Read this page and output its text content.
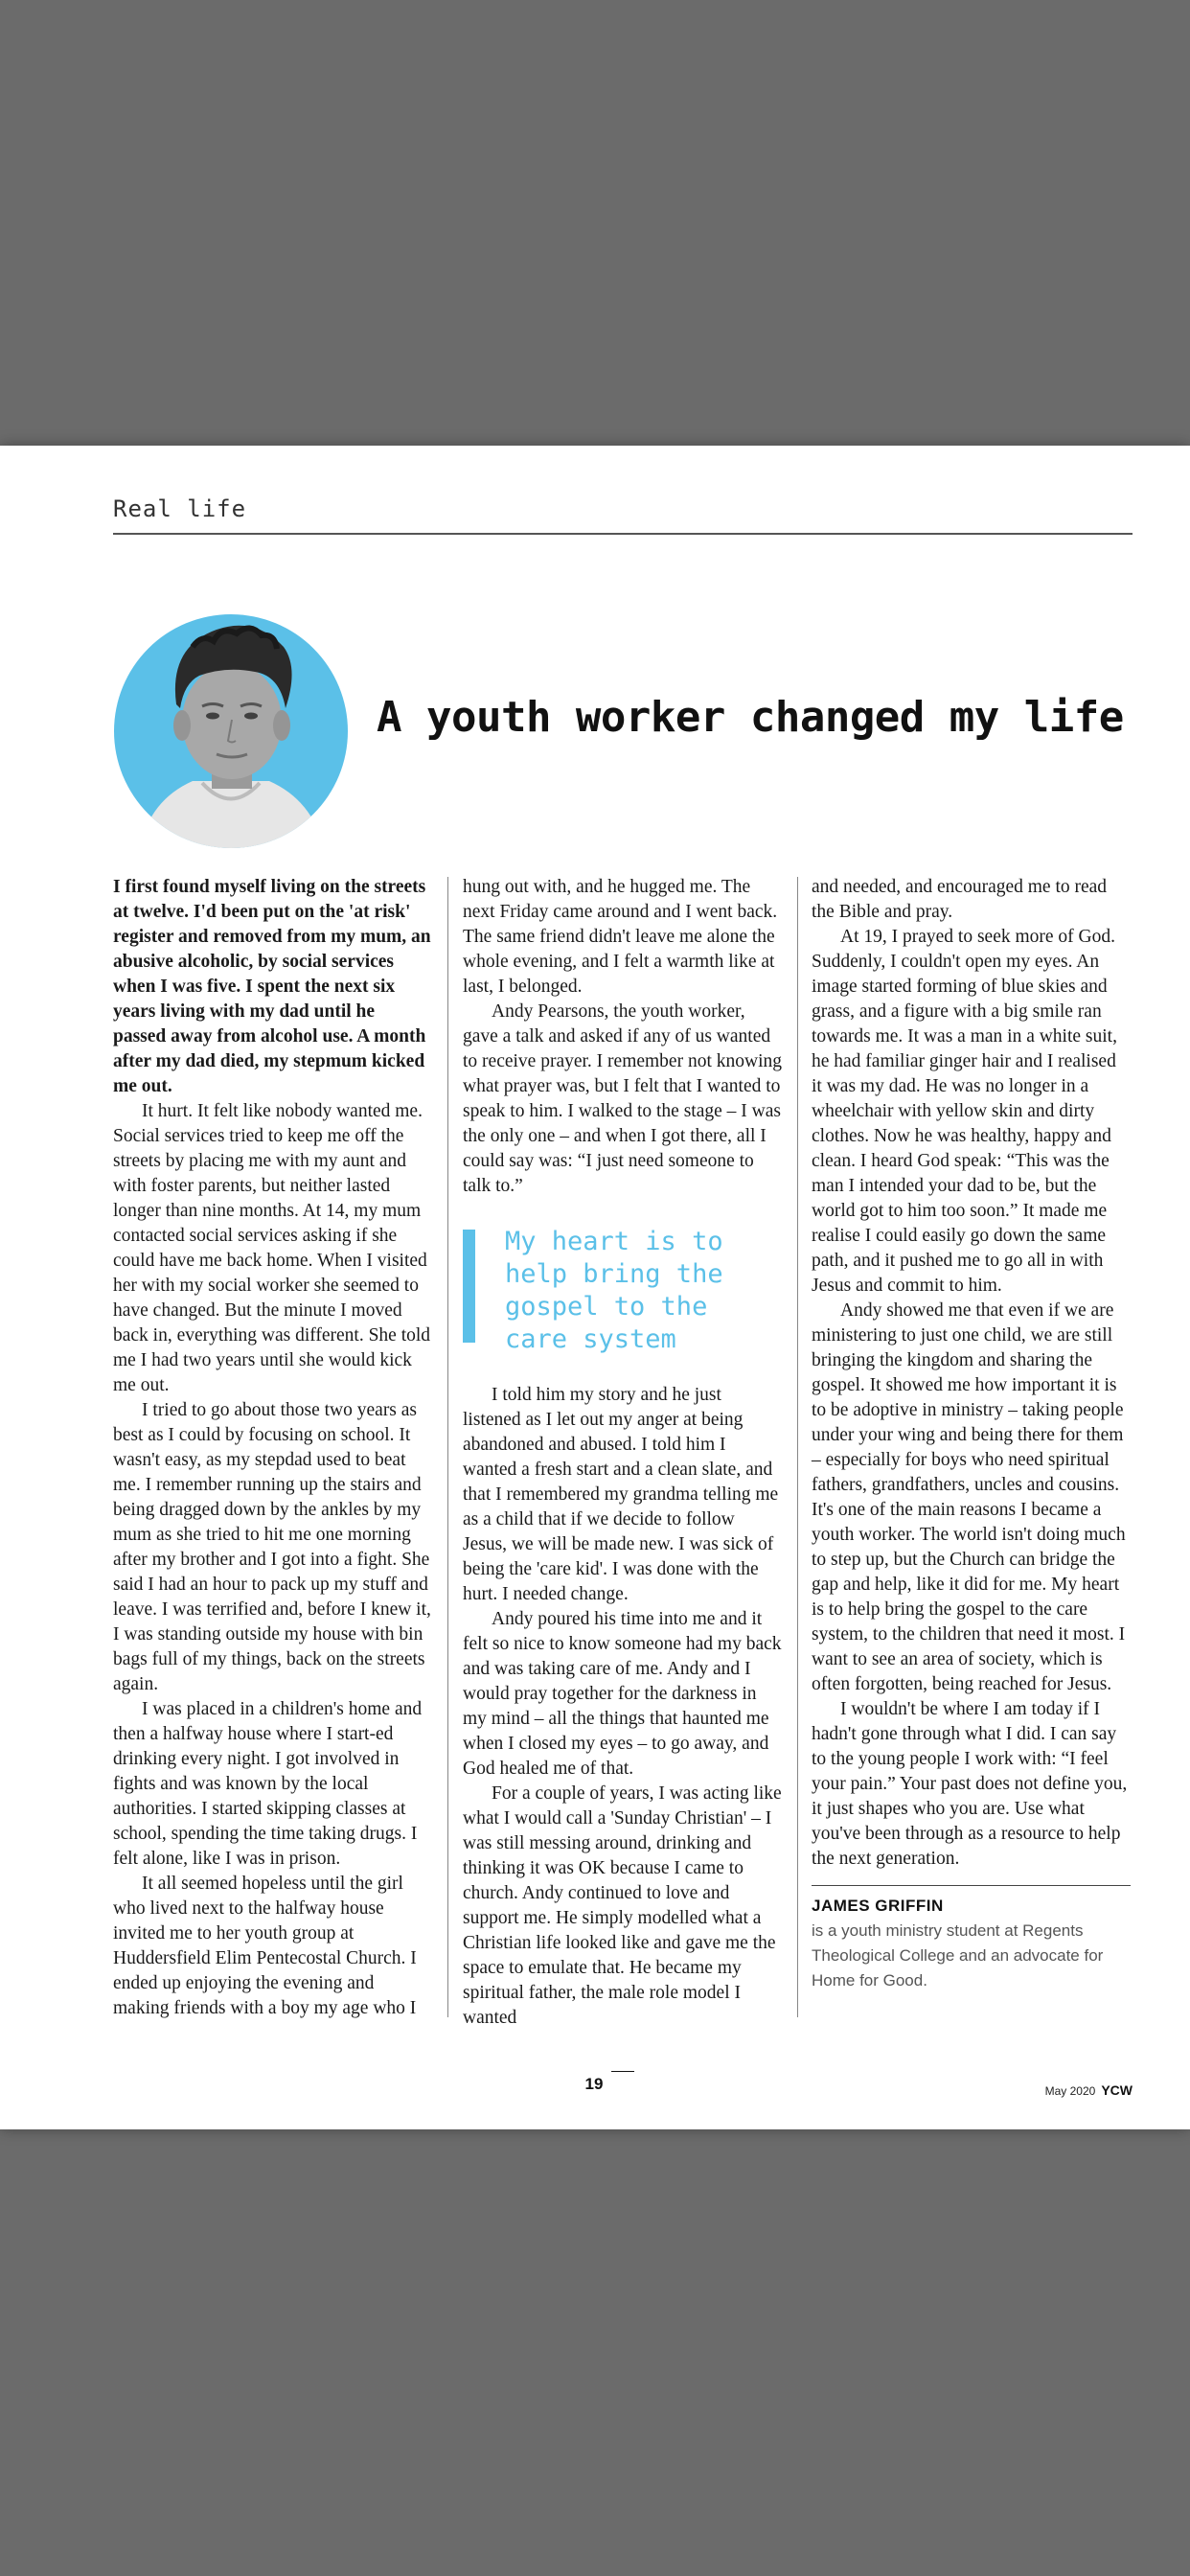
Real life
A youth worker changed my life

I first found myself living on the streets at twelve. I'd been put on the 'at risk' register and removed from my mum, an abusive alcoholic, by social services when I was five. I spent the next six years living with my dad until he passed away from alcohol use. A month after my dad died, my stepmum kicked me out.

It hurt. It felt like nobody wanted me. Social services tried to keep me off the streets by placing me with my aunt and with foster parents, but neither lasted longer than nine months. At 14, my mum contacted social services asking if she could have me back home. When I visited her with my social worker she seemed to have changed. But the minute I moved back in, everything was different. She told me I had two years until she would kick me out.

I tried to go about those two years as best as I could by focusing on school. It wasn't easy, as my stepdad used to beat me. I remember running up the stairs and being dragged down by the ankles by my mum as she tried to hit me one morning after my brother and I got into a fight. She said I had an hour to pack up my stuff and leave. I was terrified and, before I knew it, I was standing outside my house with bin bags full of my things, back on the streets again.

I was placed in a children's home and then a halfway house where I start-ed drinking every night. I got involved in fights and was known by the local authorities. I started skipping classes at school, spending the time taking drugs. I felt alone, like I was in prison.

It all seemed hopeless until the girl who lived next to the halfway house invited me to her youth group at Huddersfield Elim Pentecostal Church. I ended up enjoying the evening and making friends with a boy my age who I

hung out with, and he hugged me. The next Friday came around and I went back. The same friend didn't leave me alone the whole evening, and I felt a warmth like at last, I belonged.

Andy Pearsons, the youth worker, gave a talk and asked if any of us wanted to receive prayer. I remember not knowing what prayer was, but I felt that I wanted to speak to him. I walked to the stage – I was the only one – and when I got there, all I could say was: “I just need someone to talk to.”

My heart is to help bring the gospel to the care system

I told him my story and he just listened as I let out my anger at being abandoned and abused. I told him I wanted a fresh start and a clean slate, and that I remembered my grandma telling me as a child that if we decide to follow Jesus, we will be made new. I was sick of being the 'care kid'. I was done with the hurt. I needed change.

Andy poured his time into me and it felt so nice to know someone had my back and was taking care of me. Andy and I would pray together for the darkness in my mind – all the things that haunted me when I closed my eyes – to go away, and God healed me of that.

For a couple of years, I was acting like what I would call a 'Sunday Christian' – I was still messing around, drinking and thinking it was OK because I came to church. Andy continued to love and support me. He simply modelled what a Christian life looked like and gave me the space to emulate that. He became my spiritual father, the male role model I wanted

and needed, and encouraged me to read the Bible and pray.

At 19, I prayed to seek more of God. Suddenly, I couldn't open my eyes. An image started forming of blue skies and grass, and a figure with a big smile ran towards me. It was a man in a white suit, he had familiar ginger hair and I realised it was my dad. He was no longer in a wheelchair with yellow skin and dirty clothes. Now he was healthy, happy and clean. I heard God speak: “This was the man I intended your dad to be, but the world got to him too soon.” It made me realise I could easily go down the same path, and it pushed me to go all in with Jesus and commit to him.

Andy showed me that even if we are ministering to just one child, we are still bringing the kingdom and sharing the gospel. It showed me how important it is to be adoptive in ministry – taking people under your wing and being there for them – especially for boys who need spiritual fathers, grandfathers, uncles and cousins. It's one of the main reasons I became a youth worker. The world isn't doing much to step up, but the Church can bridge the gap and help, like it did for me. My heart is to help bring the gospel to the care system, to the children that need it most. I want to see an area of society, which is often forgotten, being reached for Jesus.

I wouldn't be where I am today if I hadn't gone through what I did. I can say to the young people I work with: “I feel your pain.” Your past does not define you, it just shapes who you are. Use what you've been through as a resource to help the next generation.

JAMES GRIFFIN
is a youth ministry student at Regents Theological College and an advocate for Home for Good.
19	May 2020 YCW
